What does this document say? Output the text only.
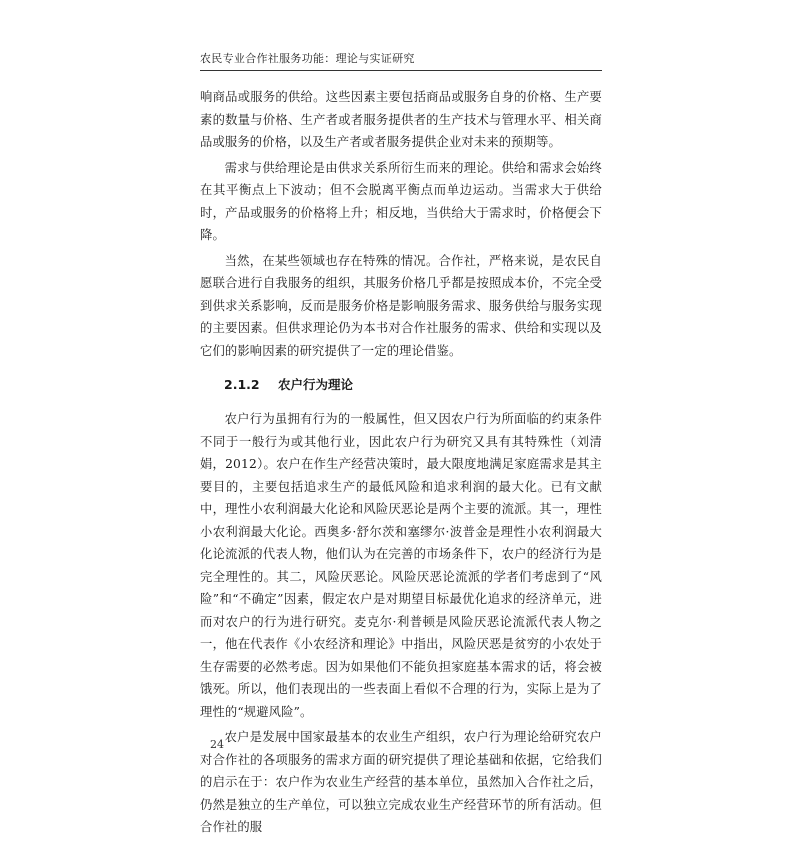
农民专业合作社服务功能：理论与实证研究

响商品或服务的供给。这些因素主要包括商品或服务自身的价格、生产要素的数量与价格、生产者或者服务提供者的生产技术与管理水平、相关商品或服务的价格，以及生产者或者服务提供企业对未来的预期等。

需求与供给理论是由供求关系所衍生而来的理论。供给和需求会始终在其平衡点上下波动；但不会脱离平衡点而单边运动。当需求大于供给时，产品或服务的价格将上升；相反地，当供给大于需求时，价格便会下降。

当然，在某些领域也存在特殊的情况。合作社，严格来说，是农民自愿联合进行自我服务的组织，其服务价格几乎都是按照成本价，不完全受到供求关系影响，反而是服务价格是影响服务需求、服务供给与服务实现的主要因素。但供求理论仍为本书对合作社服务的需求、供给和实现以及它们的影响因素的研究提供了一定的理论借鉴。

2.1.2 农户行为理论

农户行为虽拥有行为的一般属性，但又因农户行为所面临的约束条件不同于一般行为或其他行业，因此农户行为研究又具有其特殊性（刘清娟，2012）。农户在作生产经营决策时，最大限度地满足家庭需求是其主要目的，主要包括追求生产的最低风险和追求利润的最大化。已有文献中，理性小农利润最大化论和风险厌恶论是两个主要的流派。其一，理性小农利润最大化论。西奥多·舒尔茨和塞缪尔·波普金是理性小农利润最大化论流派的代表人物，他们认为在完善的市场条件下，农户的经济行为是完全理性的。其二，风险厌恶论。风险厌恶论流派的学者们考虑到了“风险”和“不确定”因素，假定农户是对期望目标最优化追求的经济单元，进而对农户的行为进行研究。麦克尔·利普顿是风险厌恶论流派代表人物之一，他在代表作《小农经济和理论》中指出，风险厌恶是贫穷的小农处于生存需要的必然考虑。因为如果他们不能负担家庭基本需求的话，将会被饿死。所以，他们表现出的一些表面上看似不合理的行为，实际上是为了理性的“规避风险”。

农户是发展中国家最基本的农业生产组织，农户行为理论给研究农户对合作社的各项服务的需求方面的研究提供了理论基础和依据，它给我们的启示在于：农户作为农业生产经营的基本单位，虽然加入合作社之后，仍然是独立的生产单位，可以独立完成农业生产经营环节的所有活动。但合作社的服

24
